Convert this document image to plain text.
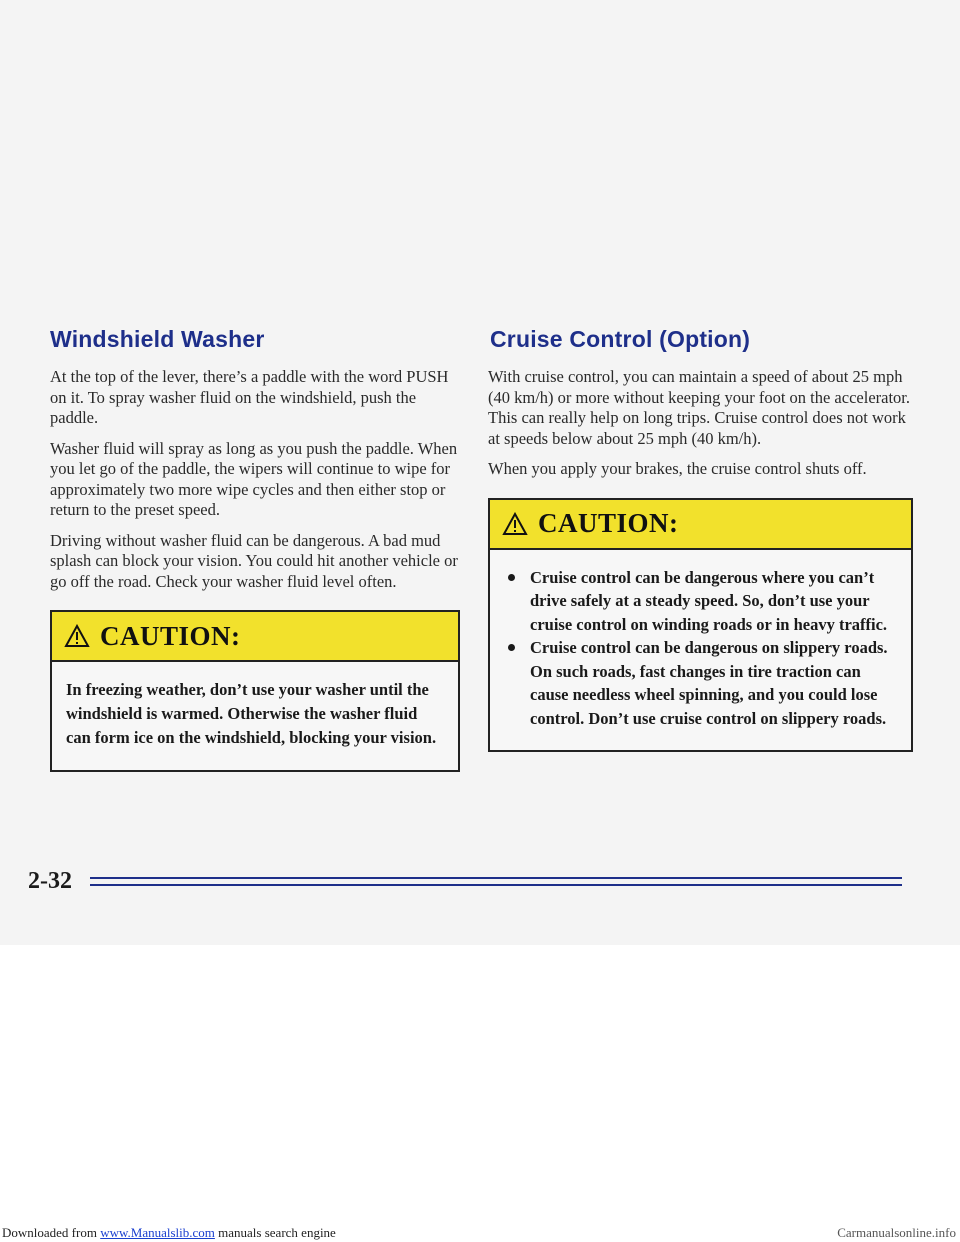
Windshield Washer

At the top of the lever, there’s a paddle with the word PUSH on it. To spray washer fluid on the windshield, push the paddle.

Washer fluid will spray as long as you push the paddle. When you let go of the paddle, the wipers will continue to wipe for approximately two more wipe cycles and then either stop or return to the preset speed.

Driving without washer fluid can be dangerous. A bad mud splash can block your vision. You could hit another vehicle or go off the road. Check your washer fluid level often.

CAUTION:

In freezing weather, don’t use your washer until the windshield is warmed. Otherwise the washer fluid can form ice on the windshield, blocking your vision.

Cruise Control (Option)

With cruise control, you can maintain a speed of about 25 mph (40 km/h) or more without keeping your foot on the accelerator. This can really help on long trips. Cruise control does not work at speeds below about 25 mph (40 km/h).

When you apply your brakes, the cruise control shuts off.

CAUTION:
Cruise control can be dangerous where you can’t drive safely at a steady speed. So, don’t use your cruise control on winding roads or in heavy traffic.
Cruise control can be dangerous on slippery roads. On such roads, fast changes in tire traction can cause needless wheel spinning, and you could lose control. Don’t use cruise control on slippery roads.
2-32
Downloaded from www.Manualslib.com manuals search engine	Carmanualsonline.info
